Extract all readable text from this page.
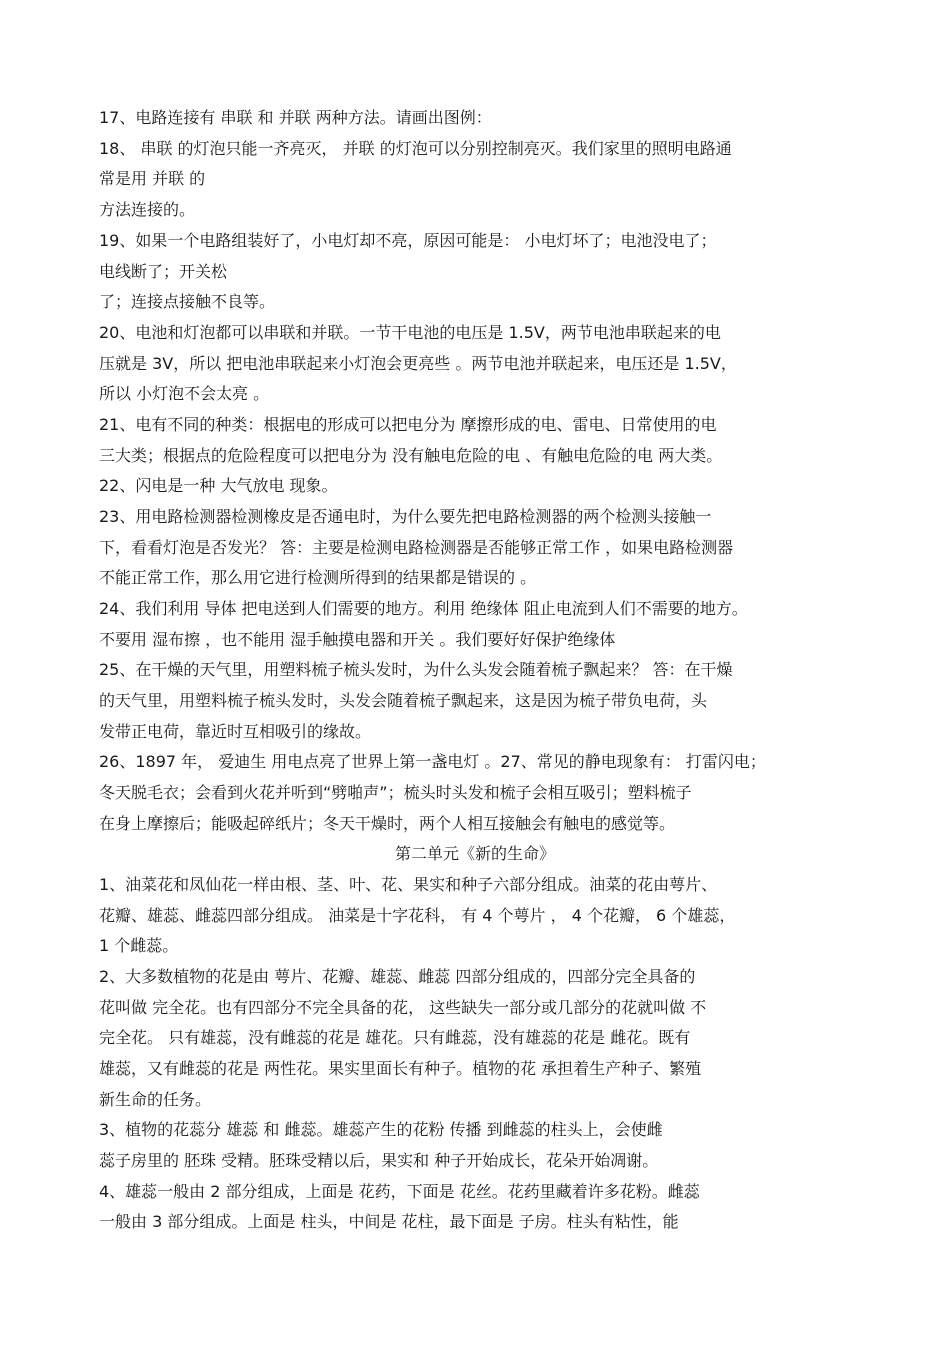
17、电路连接有 串联 和 并联 两种方法。请画出图例：
18、 串联 的灯泡只能一齐亮灭， 并联 的灯泡可以分别控制亮灭。我们家里的照明电路通
常是用 并联 的
方法连接的。
19、如果一个电路组装好了，小电灯却不亮，原因可能是： 小电灯坏了；电池没电了；
电线断了；开关松
了；连接点接触不良等。
20、电池和灯泡都可以串联和并联。一节干电池的电压是 1.5V，两节电池串联起来的电
压就是 3V，所以 把电池串联起来小灯泡会更亮些 。两节电池并联起来，电压还是 1.5V，
所以 小灯泡不会太亮 。
21、电有不同的种类：根据电的形成可以把电分为 摩擦形成的电、雷电、日常使用的电
三大类；根据点的危险程度可以把电分为 没有触电危险的电 、有触电危险的电 两大类。
22、闪电是一种 大气放电 现象。
23、用电路检测器检测橡皮是否通电时，为什么要先把电路检测器的两个检测头接触一
下，看看灯泡是否发光？ 答：主要是检测电路检测器是否能够正常工作 ，如果电路检测器
不能正常工作，那么用它进行检测所得到的结果都是错误的 。
24、我们利用 导体 把电送到人们需要的地方。利用 绝缘体 阻止电流到人们不需要的地方。
不要用 湿布擦 ，也不能用 湿手触摸电器和开关 。我们要好好保护绝缘体
25、在干燥的天气里，用塑料梳子梳头发时，为什么头发会随着梳子飘起来？ 答：在干燥
的天气里，用塑料梳子梳头发时，头发会随着梳子飘起来，这是因为梳子带负电荷，头
发带正电荷，靠近时互相吸引的缘故。
26、1897 年， 爱迪生 用电点亮了世界上第一盏电灯 。27、常见的静电现象有： 打雷闪电；
冬天脱毛衣；会看到火花并听到“劈啪声”；梳头时头发和梳子会相互吸引；塑料梳子
在身上摩擦后；能吸起碎纸片；冬天干燥时，两个人相互接触会有触电的感觉等。
第二单元《新的生命》
1、油菜花和凤仙花一样由根、茎、叶、花、果实和种子六部分组成。油菜的花由萼片、
花瓣、雄蕊、雌蕊四部分组成。 油菜是十字花科， 有 4 个萼片 ， 4 个花瓣， 6 个雄蕊，
1 个雌蕊。
2、大多数植物的花是由 萼片、花瓣、雄蕊、雌蕊 四部分组成的，四部分完全具备的
花叫做 完全花。也有四部分不完全具备的花， 这些缺失一部分或几部分的花就叫做 不
完全花。 只有雄蕊，没有雌蕊的花是 雄花。只有雌蕊，没有雄蕊的花是 雌花。既有
雄蕊，又有雌蕊的花是 两性花。果实里面长有种子。植物的花 承担着生产种子、繁殖
新生命的任务。
3、植物的花蕊分 雄蕊 和 雌蕊。雄蕊产生的花粉 传播 到雌蕊的柱头上，会使雌
蕊子房里的 胚珠 受精。胚珠受精以后，果实和 种子开始成长，花朵开始凋谢。
4、雄蕊一般由 2 部分组成，上面是 花药，下面是 花丝。花药里藏着许多花粉。雌蕊
一般由 3 部分组成。上面是 柱头，中间是 花柱，最下面是 子房。柱头有粘性，能
